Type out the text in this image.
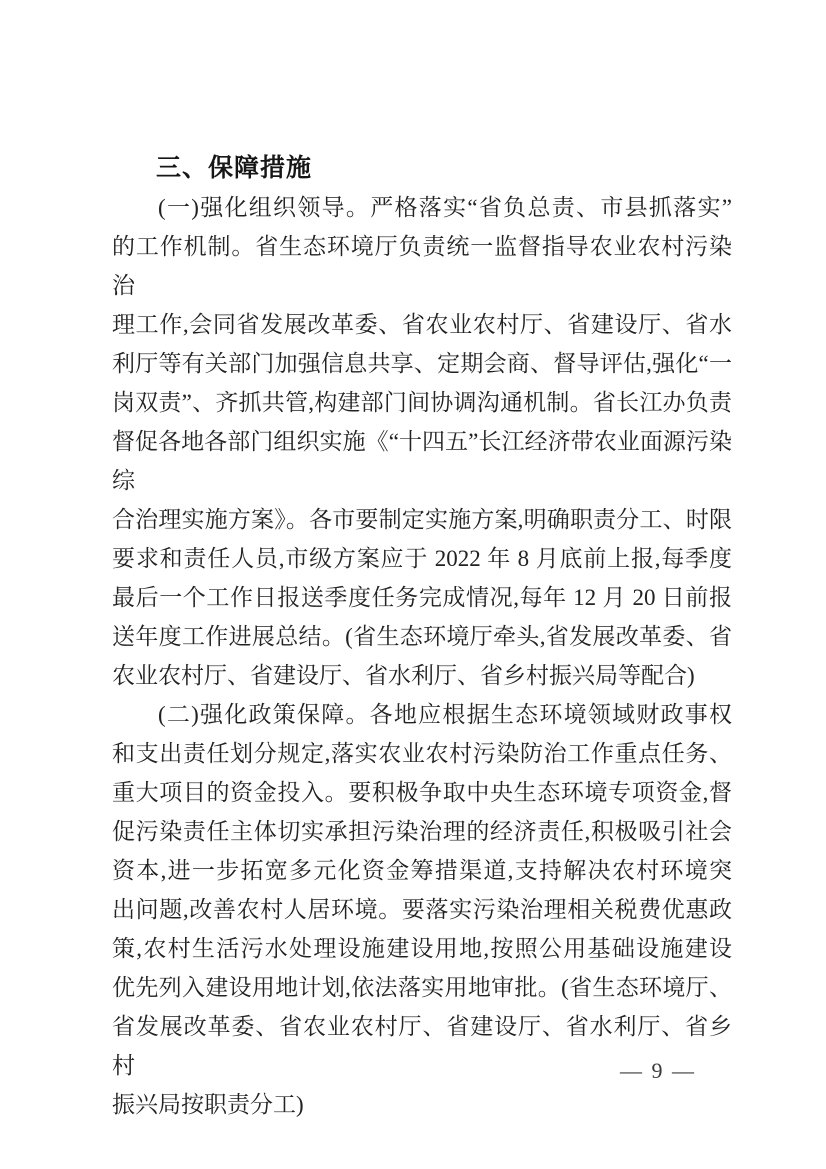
三、保障措施
(一)强化组织领导。严格落实“省负总责、市县抓落实”
的工作机制。省生态环境厅负责统一监督指导农业农村污染治
理工作,会同省发展改革委、省农业农村厅、省建设厅、省水
利厅等有关部门加强信息共享、定期会商、督导评估,强化“一
岗双责”、齐抓共管,构建部门间协调沟通机制。省长江办负责
督促各地各部门组织实施《“十四五”长江经济带农业面源污染综
合治理实施方案》。各市要制定实施方案,明确职责分工、时限
要求和责任人员,市级方案应于 2022 年 8 月底前上报,每季度
最后一个工作日报送季度任务完成情况,每年 12 月 20 日前报
送年度工作进展总结。(省生态环境厅牵头,省发展改革委、省
农业农村厅、省建设厅、省水利厅、省乡村振兴局等配合)
(二)强化政策保障。各地应根据生态环境领域财政事权
和支出责任划分规定,落实农业农村污染防治工作重点任务、
重大项目的资金投入。要积极争取中央生态环境专项资金,督
促污染责任主体切实承担污染治理的经济责任,积极吸引社会
资本,进一步拓宽多元化资金筹措渠道,支持解决农村环境突
出问题,改善农村人居环境。要落实污染治理相关税费优惠政
策,农村生活污水处理设施建设用地,按照公用基础设施建设
优先列入建设用地计划,依法落实用地审批。(省生态环境厅、
省发展改革委、省农业农村厅、省建设厅、省水利厅、省乡村
振兴局按职责分工)
— 9 —
